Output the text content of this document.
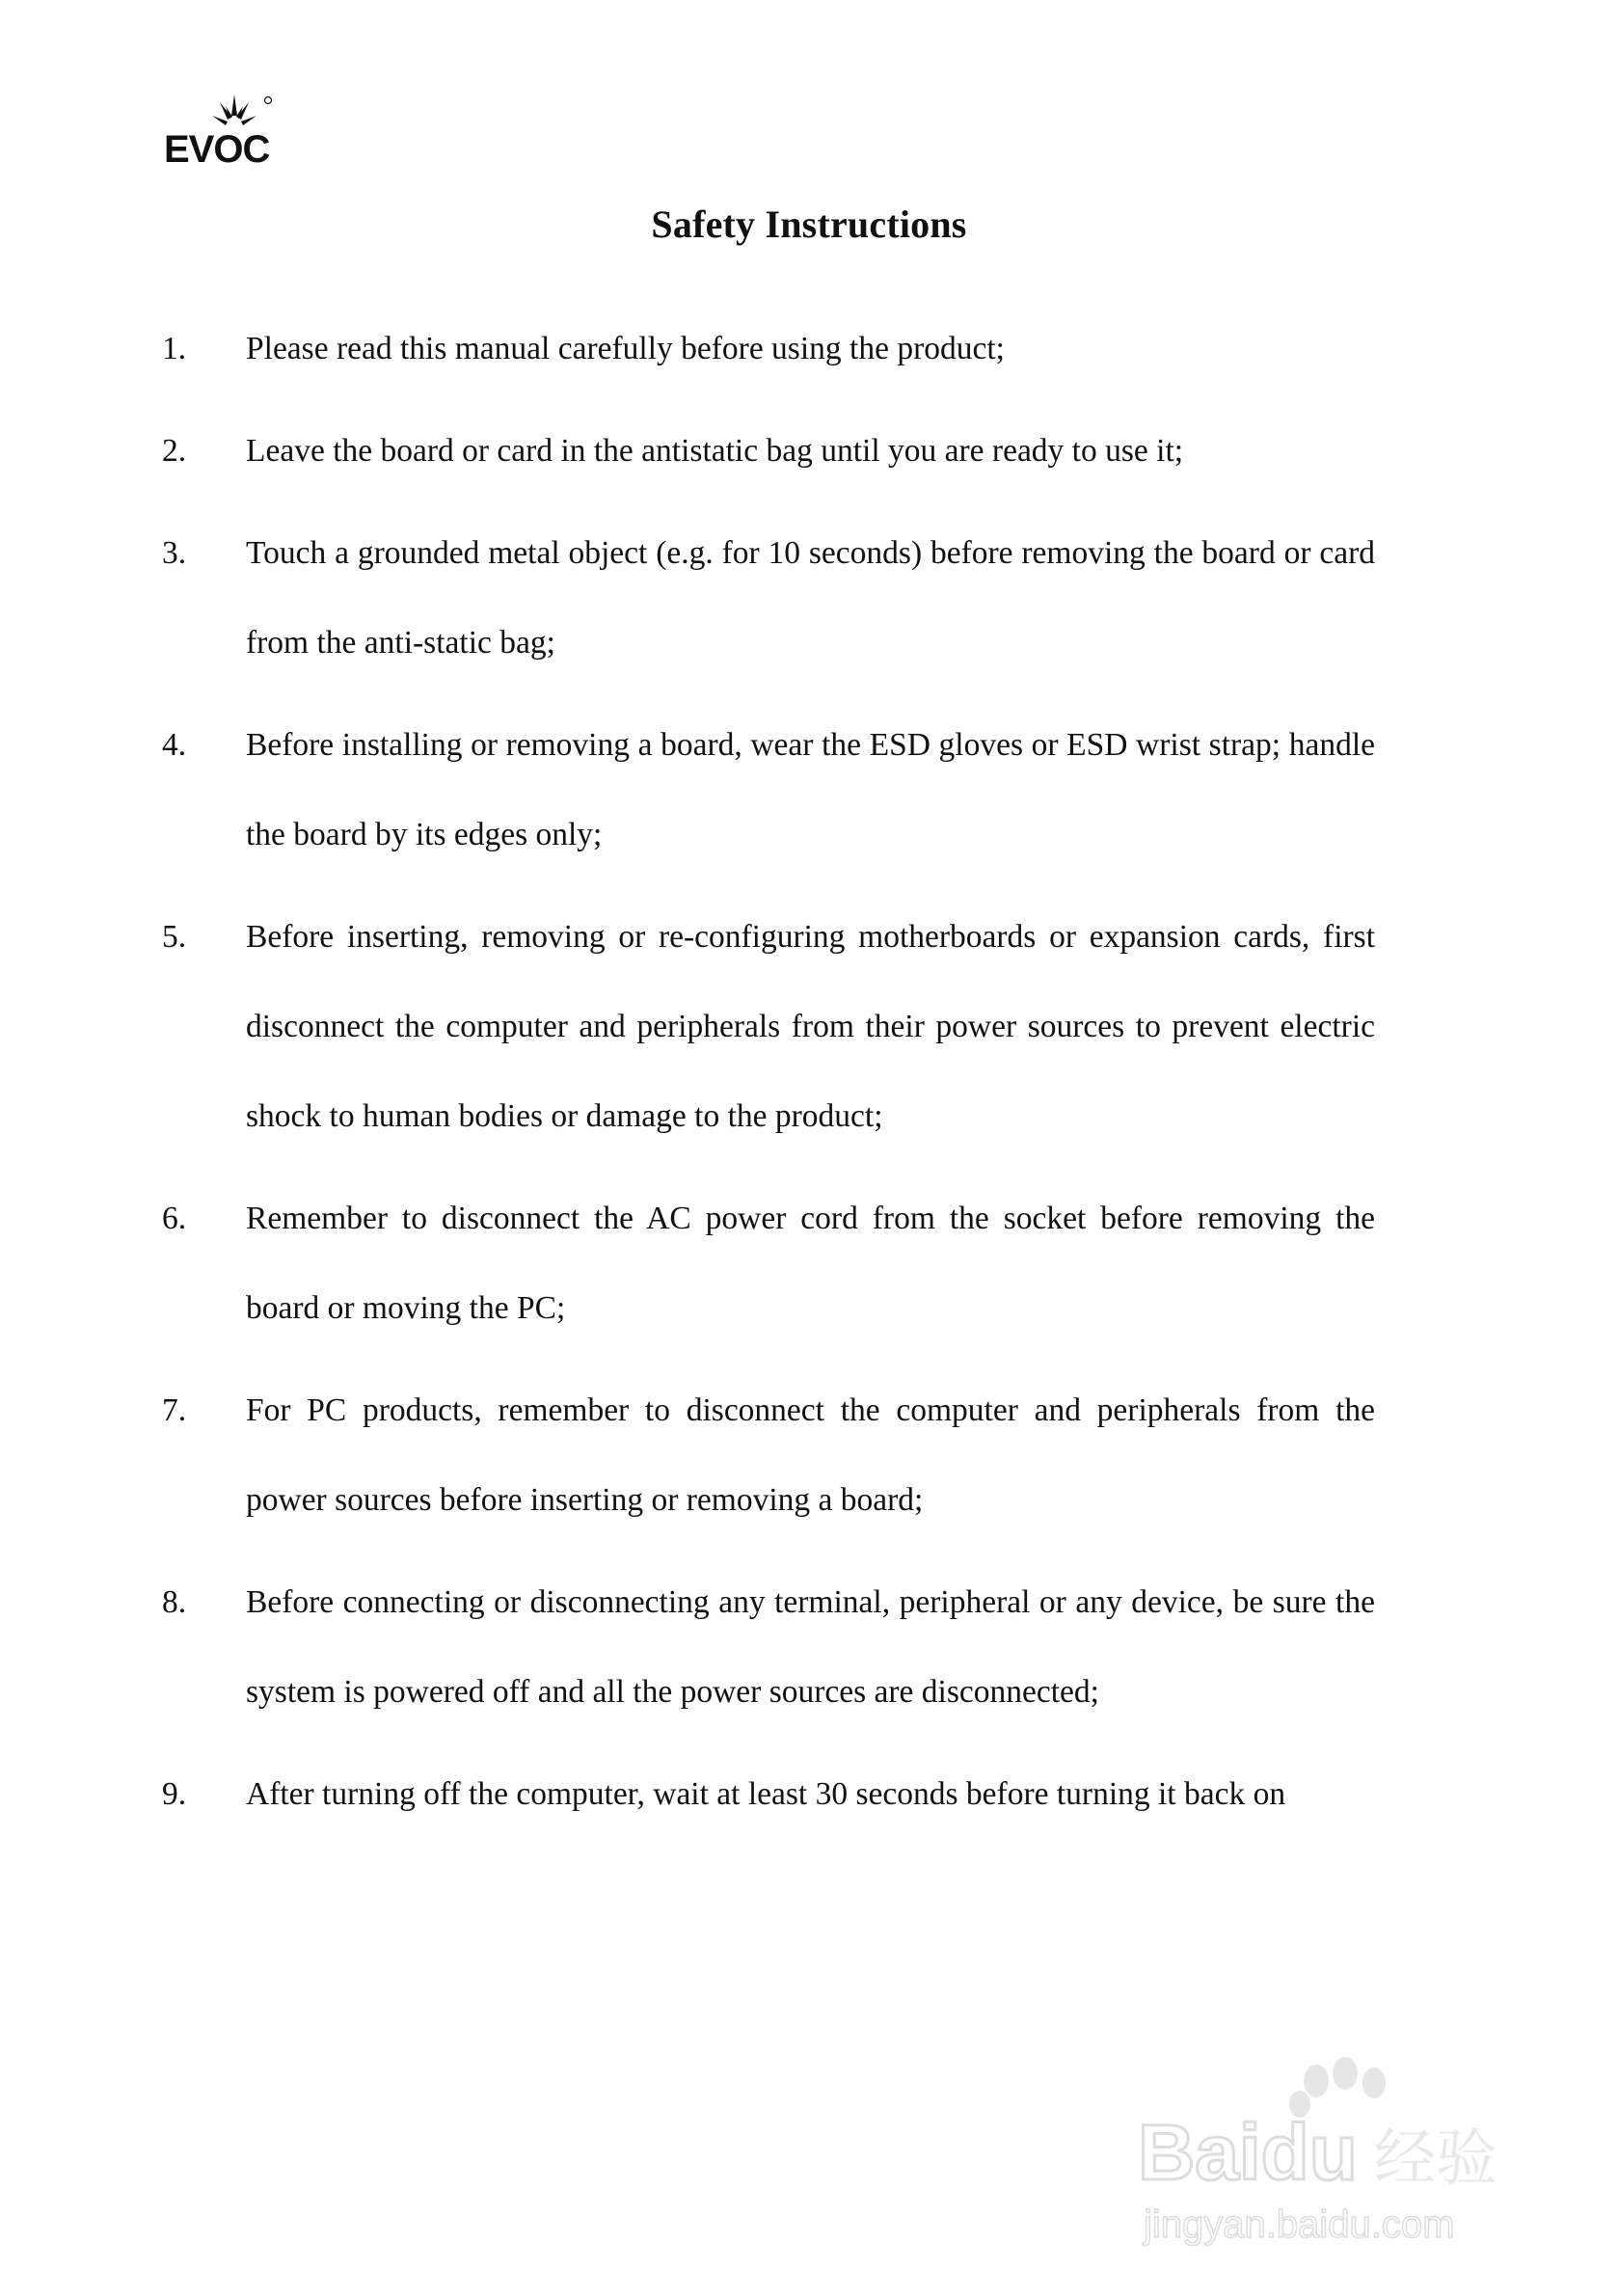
EVOC
Safety Instructions
1. Please read this manual carefully before using the product;
2. Leave the board or card in the antistatic bag until you are ready to use it;
3. Touch a grounded metal object (e.g. for 10 seconds) before removing the board or card from the anti-static bag;
4. Before installing or removing a board, wear the ESD gloves or ESD wrist strap; handle the board by its edges only;
5. Before inserting, removing or re-configuring motherboards or expansion cards, first disconnect the computer and peripherals from their power sources to prevent electric shock to human bodies or damage to the product;
6. Remember to disconnect the AC power cord from the socket before removing the board or moving the PC;
7. For PC products, remember to disconnect the computer and peripherals from the power sources before inserting or removing a board;
8. Before connecting or disconnecting any terminal, peripheral or any device, be sure the system is powered off and all the power sources are disconnected;
9. After turning off the computer, wait at least 30 seconds before turning it back on
Baidu 经验
jingyan.baidu.com
